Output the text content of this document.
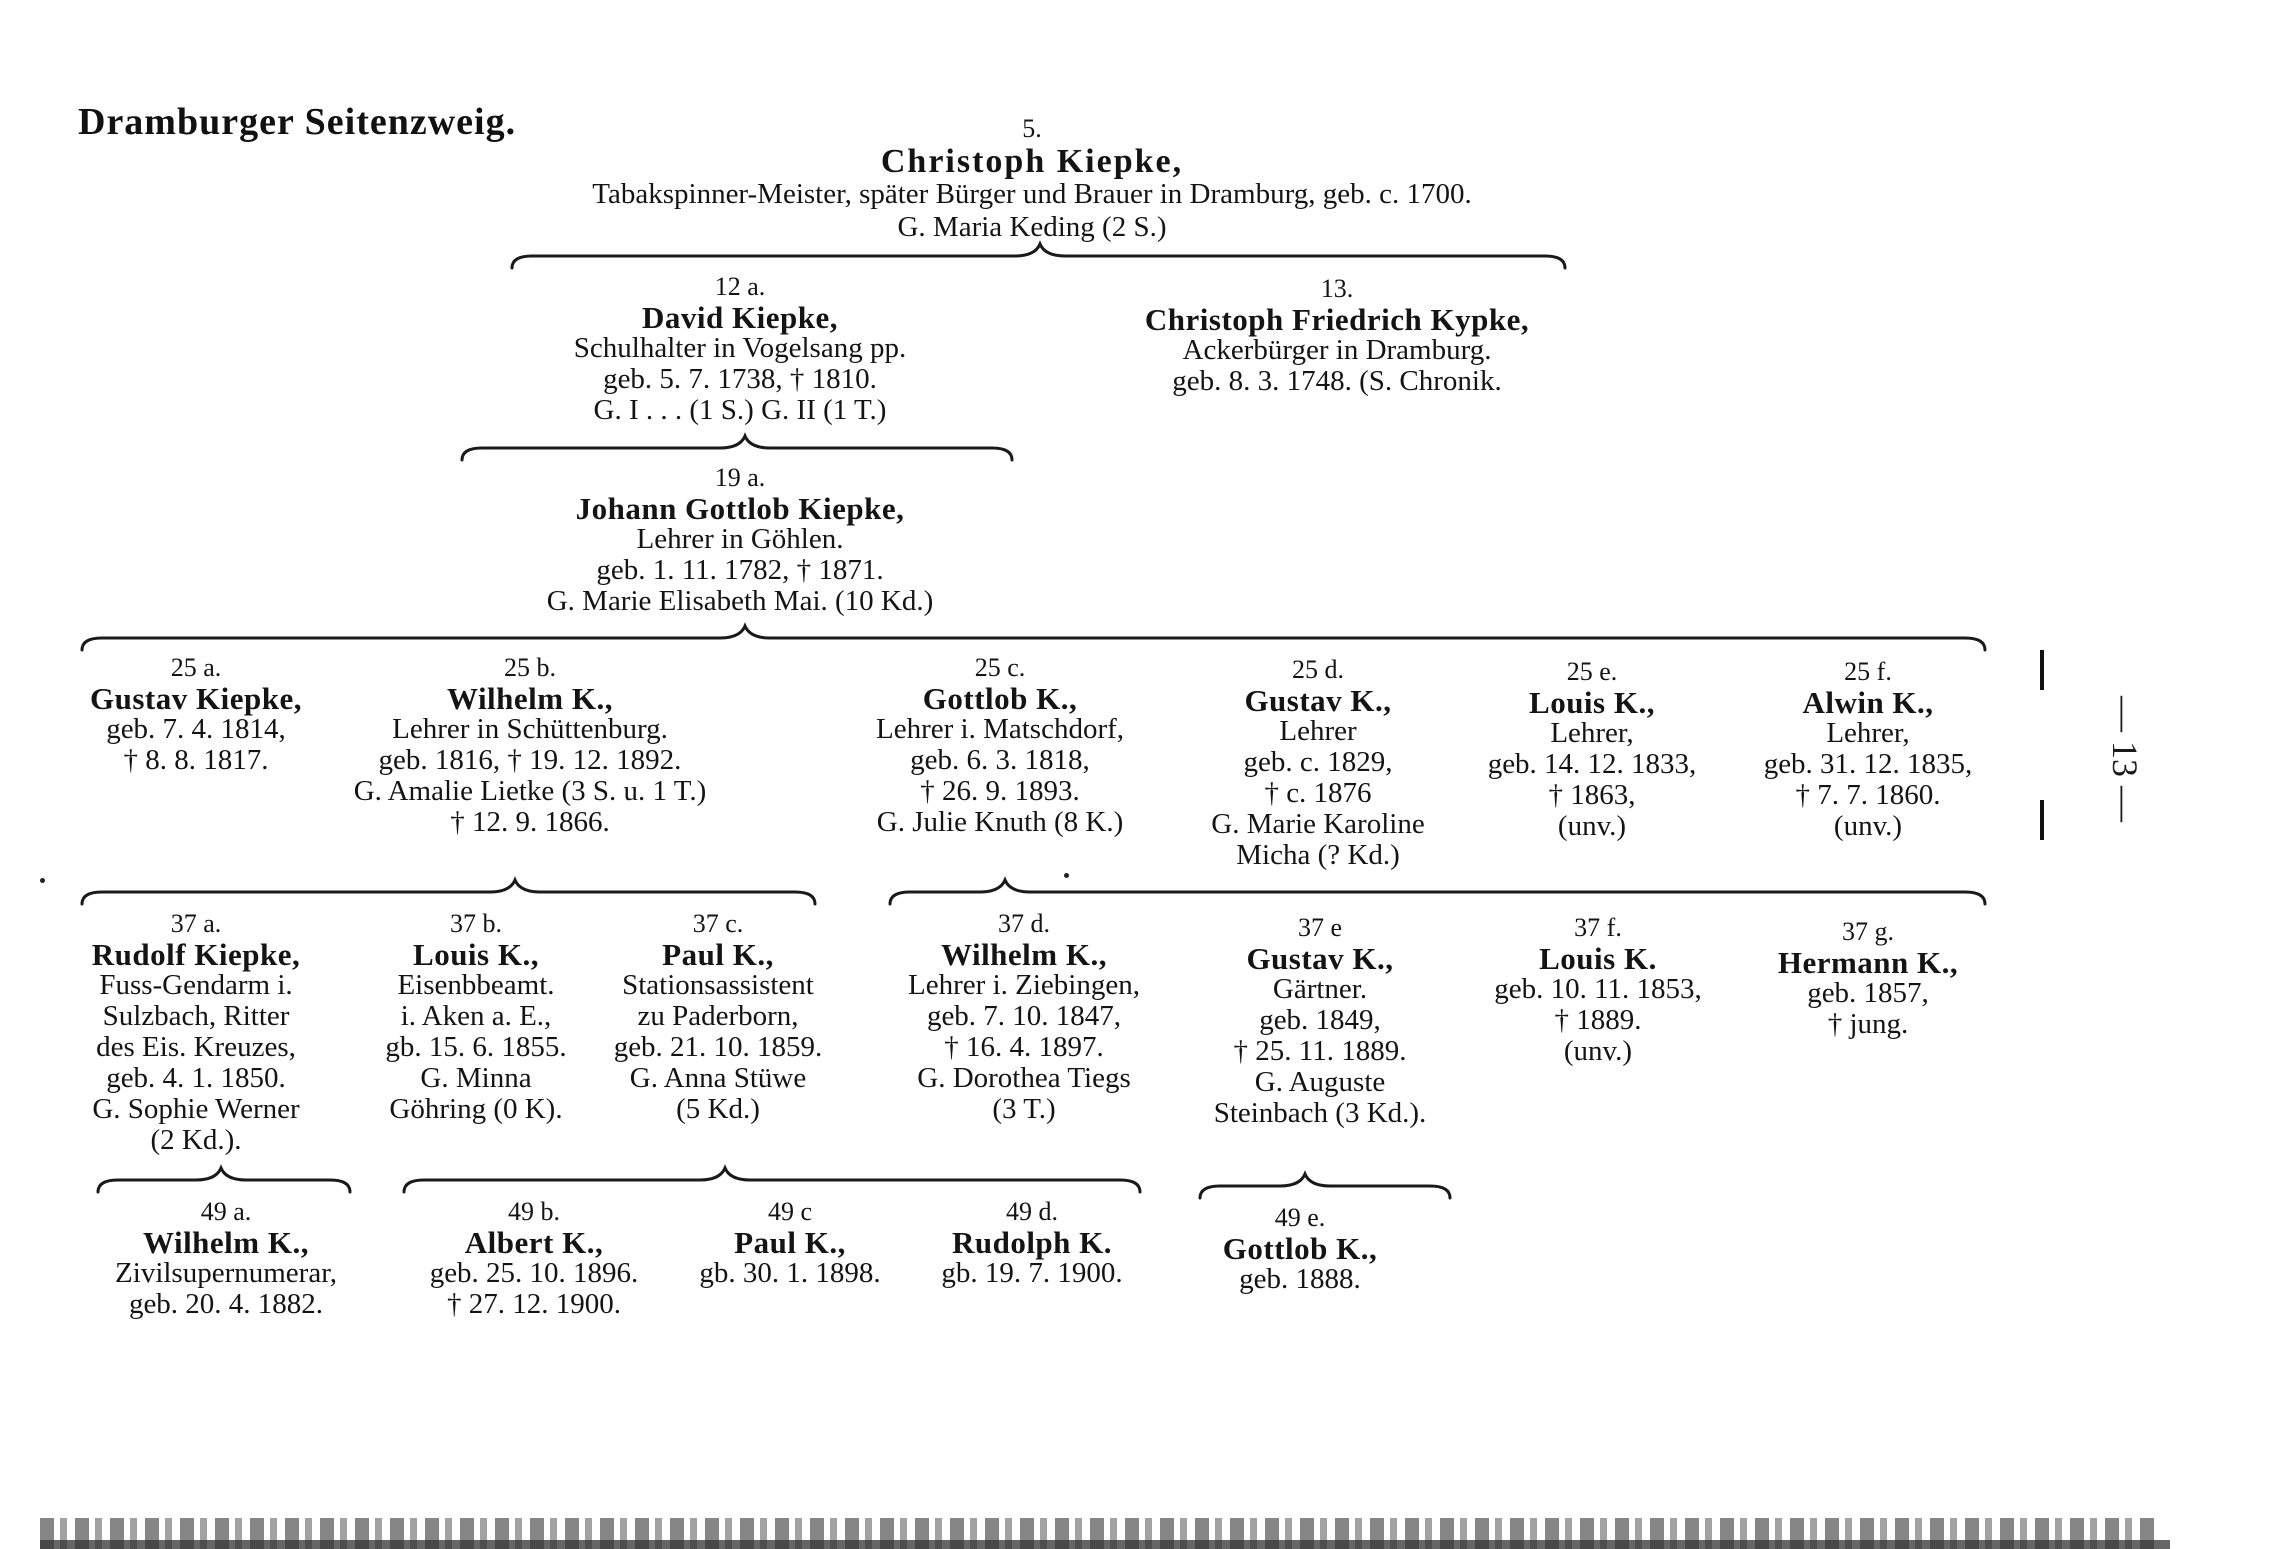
Dramburger Seitenzweig.	5.
Christoph Kiepke,
Tabakspinner-Meister, später Bürger und Brauer in Dramburg, geb. c. 1700.
G. Maria Keding (2 S.)
12 a.
David Kiepke,
Schulhalter in Vogelsang pp.
geb. 5. 7. 1738, † 1810.
G. I . . . (1 S.) G. II (1 T.)
13.
Christoph Friedrich Kypke,
Ackerbürger in Dramburg.
geb. 8. 3. 1748. (S. Chronik.
19 a.
Johann Gottlob Kiepke,
Lehrer in Göhlen.
geb. 1. 11. 1782, † 1871.
G. Marie Elisabeth Mai. (10 Kd.)
25 a.
Gustav Kiepke,
geb. 7. 4. 1814,
† 8. 8. 1817.
25 b.
Wilhelm K.,
Lehrer in Schüttenburg.
geb. 1816, † 19. 12. 1892.
G. Amalie Lietke (3 S. u. 1 T.)
† 12. 9. 1866.
25 c.
Gottlob K.,
Lehrer i. Matschdorf,
geb. 6. 3. 1818,
† 26. 9. 1893.
G. Julie Knuth (8 K.)
25 d.
Gustav K.,
Lehrer
geb. c. 1829,
† c. 1876
G. Marie Karoline
Micha (? Kd.)
25 e.
Louis K.,
Lehrer,
geb. 14. 12. 1833,
† 1863,
(unv.)
25 f.
Alwin K.,
Lehrer,
geb. 31. 12. 1835,
† 7. 7. 1860.
(unv.)
37 a.
Rudolf Kiepke,
Fuss-Gendarm i.
Sulzbach, Ritter
des Eis. Kreuzes,
geb. 4. 1. 1850.
G. Sophie Werner
(2 Kd.).
37 b.
Louis K.,
Eisenbbeamt.
i. Aken a. E.,
gb. 15. 6. 1855.
G. Minna
Göhring (0 K).
37 c.
Paul K.,
Stationsassistent
zu Paderborn,
geb. 21. 10. 1859.
G. Anna Stüwe
(5 Kd.)
37 d.
Wilhelm K.,
Lehrer i. Ziebingen,
geb. 7. 10. 1847,
† 16. 4. 1897.
G. Dorothea Tiegs
(3 T.)
37 e
Gustav K.,
Gärtner.
geb. 1849,
† 25. 11. 1889.
G. Auguste
Steinbach (3 Kd.).
37 f.
Louis K.
geb. 10. 11. 1853,
† 1889.
(unv.)
37 g.
Hermann K.,
geb. 1857,
† jung.
49 a.
Wilhelm K.,
Zivilsupernumerar,
geb. 20. 4. 1882.
49 b.
Albert K.,
geb. 25. 10. 1896.
† 27. 12. 1900.
49 c
Paul K.,
gb. 30. 1. 1898.
49 d.
Rudolph K.
gb. 19. 7. 1900.
49 e.
Gottlob K.,
geb. 1888.
— 13 —
